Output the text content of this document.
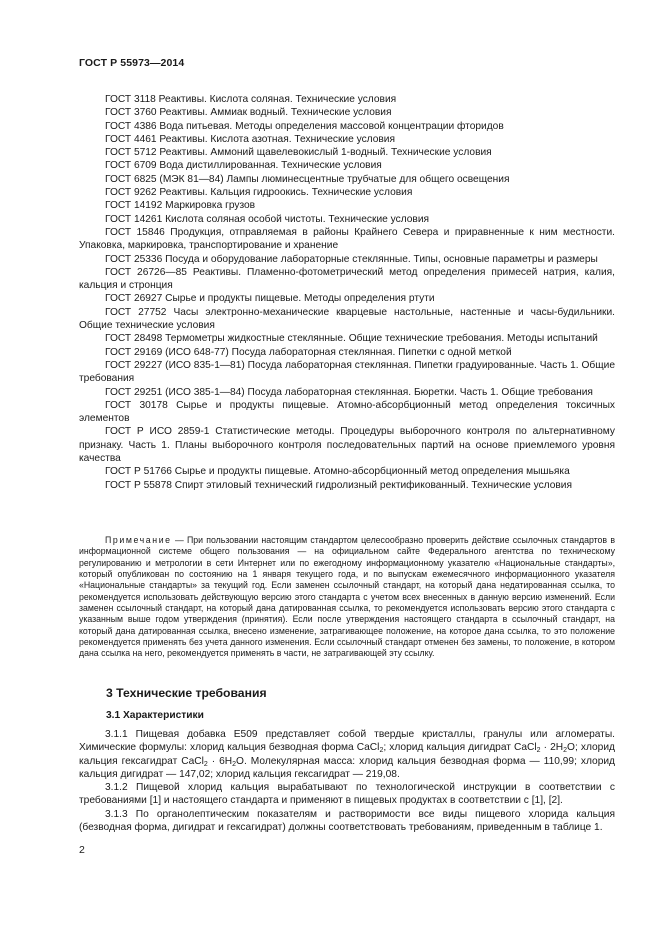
ГОСТ Р 55973—2014

ГОСТ 3118 Реактивы. Кислота соляная. Технические условия

ГОСТ 3760 Реактивы. Аммиак водный. Технические условия

ГОСТ 4386 Вода питьевая. Методы определения массовой концентрации фторидов

ГОСТ 4461 Реактивы. Кислота азотная. Технические условия

ГОСТ 5712 Реактивы. Аммоний щавелевокислый 1-водный. Технические условия

ГОСТ 6709 Вода дистиллированная. Технические условия

ГОСТ 6825 (МЭК 81—84) Лампы люминесцентные трубчатые для общего освещения

ГОСТ 9262 Реактивы. Кальция гидроокись. Технические условия

ГОСТ 14192 Маркировка грузов

ГОСТ 14261 Кислота соляная особой чистоты. Технические условия

ГОСТ 15846 Продукция, отправляемая в районы Крайнего Севера и приравненные к ним местности. Упаковка, маркировка, транспортирование и хранение

ГОСТ 25336 Посуда и оборудование лабораторные стеклянные. Типы, основные параметры и размеры

ГОСТ 26726—85 Реактивы. Пламенно-фотометрический метод определения примесей натрия, калия, кальция и стронция

ГОСТ 26927 Сырье и продукты пищевые. Методы определения ртути

ГОСТ 27752 Часы электронно-механические кварцевые настольные, настенные и часы-будильники. Общие технические условия

ГОСТ 28498 Термометры жидкостные стеклянные. Общие технические требования. Методы испытаний

ГОСТ 29169 (ИСО 648-77) Посуда лабораторная стеклянная. Пипетки с одной меткой

ГОСТ 29227 (ИСО 835-1—81) Посуда лабораторная стеклянная. Пипетки градуированные. Часть 1. Общие требования

ГОСТ 29251 (ИСО 385-1—84) Посуда лабораторная стеклянная. Бюретки. Часть 1. Общие требования

ГОСТ 30178 Сырье и продукты пищевые. Атомно-абсорбционный метод определения токсичных элементов

ГОСТ Р ИСО 2859-1 Статистические методы. Процедуры выборочного контроля по альтернативному признаку. Часть 1. Планы выборочного контроля последовательных партий на основе приемлемого уровня качества

ГОСТ Р 51766 Сырье и продукты пищевые. Атомно-абсорбционный метод определения мышьяка

ГОСТ Р 55878 Спирт этиловый технический гидролизный ректификованный. Технические условия

Примечание — При пользовании настоящим стандартом целесообразно проверить действие ссылочных стандартов в информационной системе общего пользования — на официальном сайте Федерального агентства по техническому регулированию и метрологии в сети Интернет или по ежегодному информационному указателю «Национальные стандарты», который опубликован по состоянию на 1 января текущего года, и по выпускам ежемесячного информационного указателя «Национальные стандарты» за текущий год. Если заменен ссылочный стандарт, на который дана недатированная ссылка, то рекомендуется использовать действующую версию этого стандарта с учетом всех внесенных в данную версию изменений. Если заменен ссылочный стандарт, на который дана датированная ссылка, то рекомендуется использовать версию этого стандарта с указанным выше годом утверждения (принятия). Если после утверждения настоящего стандарта в ссылочный стандарт, на который дана датированная ссылка, внесено изменение, затрагивающее положение, на которое дана ссылка, то это положение рекомендуется применять без учета данного изменения. Если ссылочный стандарт отменен без замены, то положение, в котором дана ссылка на него, рекомендуется применять в части, не затрагивающей эту ссылку.

3 Технические требования
3.1 Характеристики

3.1.1 Пищевая добавка Е509 представляет собой твердые кристаллы, гранулы или агломераты. Химические формулы: хлорид кальция безводная форма CaCl$_2$; хлорид кальция дигидрат CaCl$_2$ · $2H_2O$; хлорид кальция гексагидрат CaCl$_2$ · $6H_2O$. Молекулярная масса: хлорид кальция безводная форма — 110,99; хлорид кальция дигидрат — 147,02; хлорид кальция гексагидрат — 219,08.

3.1.2 Пищевой хлорид кальция вырабатывают по технологической инструкции в соответствии с требованиями [1] и настоящего стандарта и применяют в пищевых продуктах в соответствии с [1], [2].

3.1.3 По органолептическим показателям и растворимости все виды пищевого хлорида кальция (безводная форма, дигидрат и гексагидрат) должны соответствовать требованиям, приведенным в таблице 1.

2
